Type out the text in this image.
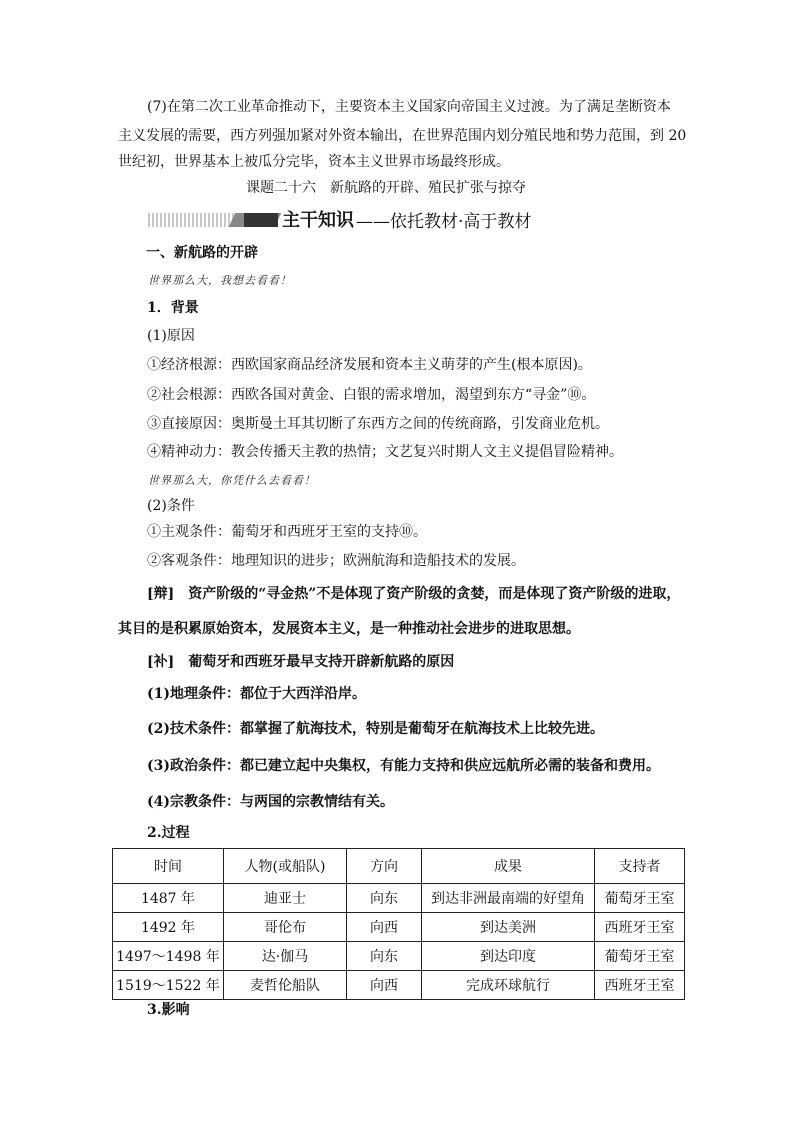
(7)在第二次工业革命推动下，主要资本主义国家向帝国主义过渡。为了满足垄断资本
主义发展的需要，西方列强加紧对外资本输出，在世界范围内划分殖民地和势力范围，到 20
世纪初，世界基本上被瓜分完毕，资本主义世界市场最终形成。
课题二十六　新航路的开辟、殖民扩张与掠夺
主干知识 ——依托教材·高于教材
一、新航路的开辟
世界那么大，我想去看看！
1．背景
(1)原因
①经济根源：西欧国家商品经济发展和资本主义萌芽的产生(根本原因)。
②社会根源：西欧各国对黄金、白银的需求增加，渴望到东方“寻金”⑩。
③直接原因：奥斯曼土耳其切断了东西方之间的传统商路，引发商业危机。
④精神动力：教会传播天主教的热情；文艺复兴时期人文主义提倡冒险精神。
世界那么大，你凭什么去看看！
(2)条件
①主观条件：葡萄牙和西班牙王室的支持⑩。
②客观条件：地理知识的进步；欧洲航海和造船技术的发展。
[辩]　资产阶级的“寻金热”不是体现了资产阶级的贪婪，而是体现了资产阶级的进取，
其目的是积累原始资本，发展资本主义，是一种推动社会进步的进取思想。
[补]　葡萄牙和西班牙最早支持开辟新航路的原因
(1)地理条件：都位于大西洋沿岸。
(2)技术条件：都掌握了航海技术，特别是葡萄牙在航海技术上比较先进。
(3)政治条件：都已建立起中央集权，有能力支持和供应远航所必需的装备和费用。
(4)宗教条件：与两国的宗教情结有关。
2.过程
时间	人物(或船队)	方向	成果	支持者
1487 年	迪亚士	向东	到达非洲最南端的好望角	葡萄牙王室
1492 年	哥伦布	向西	到达美洲	西班牙王室
1497～1498 年	达·伽马	向东	到达印度	葡萄牙王室
1519～1522 年	麦哲伦船队	向西	完成环球航行	西班牙王室
3.影响
